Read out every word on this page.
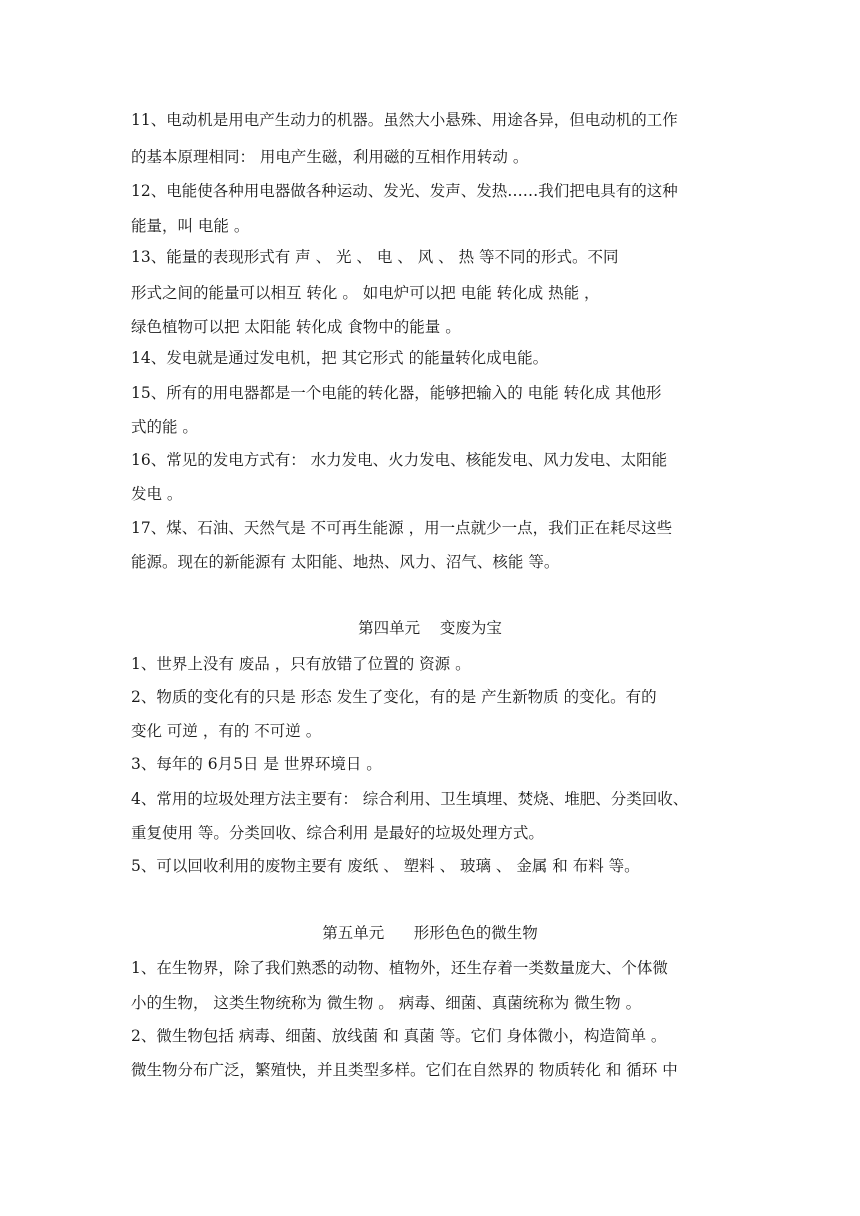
11、电动机是用电产生动力的机器。虽然大小悬殊、用途各异，但电动机的工作
的基本原理相同： 用电产生磁，利用磁的互相作用转动 。
12、电能使各种用电器做各种运动、发光、发声、发热……我们把电具有的这种
能量，叫 电能 。
13、能量的表现形式有 声 、 光 、 电 、 风 、 热 等不同的形式。不同
形式之间的能量可以相互 转化 。 如电炉可以把 电能 转化成 热能 ，
绿色植物可以把 太阳能 转化成 食物中的能量 。
14、发电就是通过发电机，把 其它形式 的能量转化成电能。
15、所有的用电器都是一个电能的转化器，能够把输入的 电能 转化成 其他形
式的能 。
16、常见的发电方式有： 水力发电、火力发电、核能发电、风力发电、太阳能
发电 。
17、煤、石油、天然气是 不可再生能源 ，用一点就少一点，我们正在耗尽这些
能源。现在的新能源有 太阳能、地热、风力、沼气、核能 等。
第四单元    变废为宝
1、世界上没有 废品 ，只有放错了位置的 资源 。
2、物质的变化有的只是 形态 发生了变化，有的是 产生新物质 的变化。有的
变化 可逆 ，有的 不可逆 。
3、每年的 6月5日 是 世界环境日 。
4、常用的垃圾处理方法主要有： 综合利用、卫生填埋、焚烧、堆肥、分类回收、
重复使用 等。分类回收、综合利用 是最好的垃圾处理方式。
5、可以回收利用的废物主要有 废纸 、 塑料 、 玻璃 、 金属 和 布料 等。
第五单元      形形色色的微生物
1、在生物界，除了我们熟悉的动物、植物外，还生存着一类数量庞大、个体微
小的生物， 这类生物统称为 微生物 。 病毒、细菌、真菌统称为 微生物 。
2、微生物包括 病毒、细菌、放线菌 和 真菌 等。它们 身体微小，构造简单 。
微生物分布广泛，繁殖快，并且类型多样。它们在自然界的 物质转化 和 循环 中
